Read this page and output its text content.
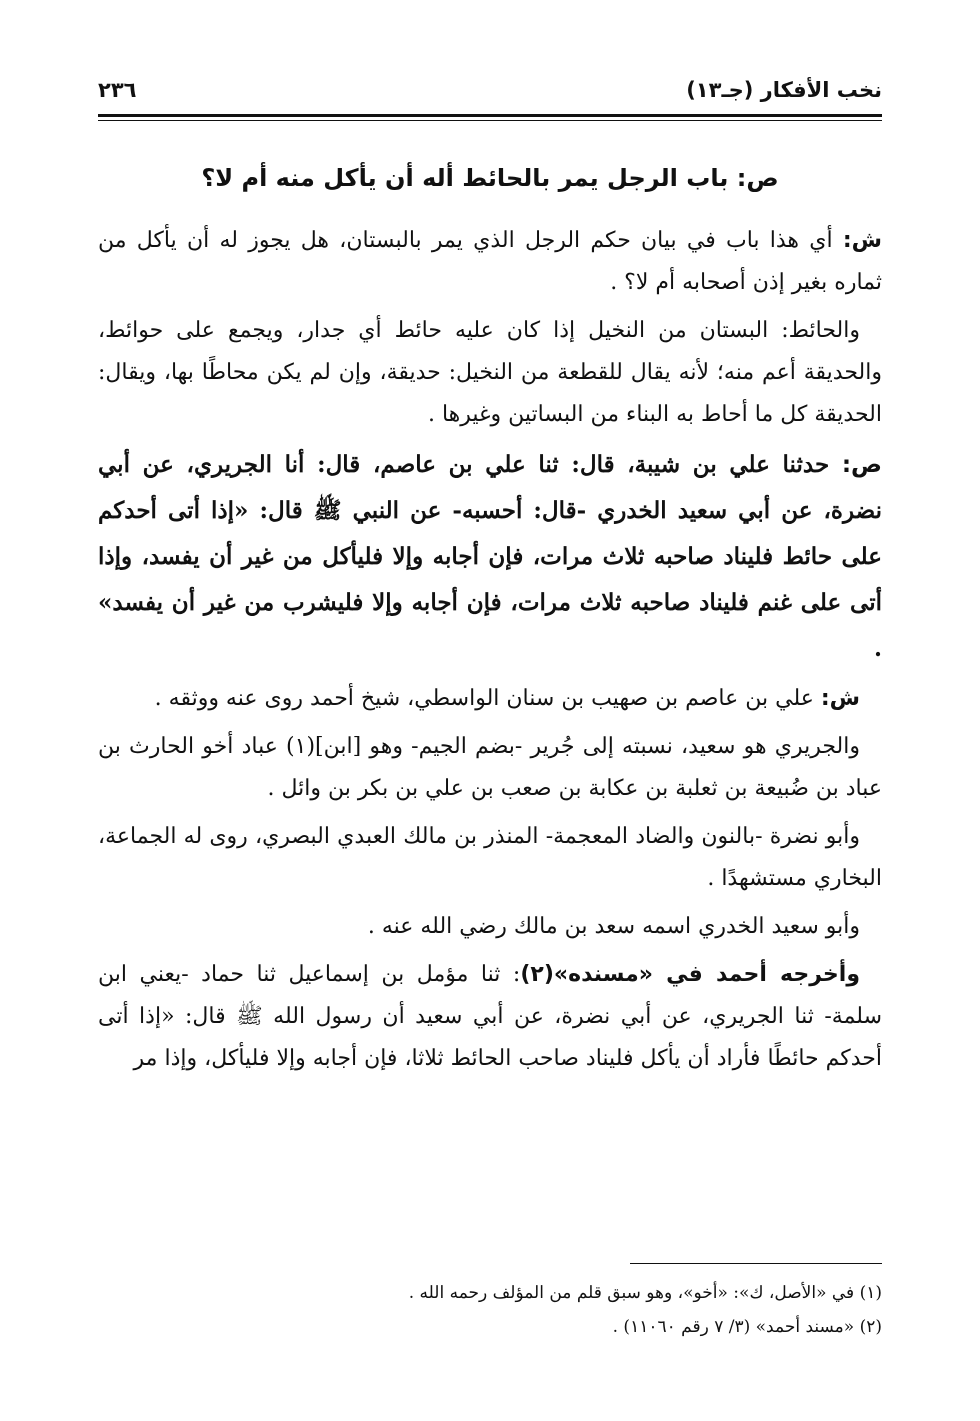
٢٣٦	نخب الأفكار (جـ١٣)
ص: باب الرجل يمر بالحائط أله أن يأكل منه أم لا؟

ش: أي هذا باب في بيان حكم الرجل الذي يمر بالبستان، هل يجوز له أن يأكل من ثماره بغير إذن أصحابه أم لا؟ .

والحائط: البستان من النخيل إذا كان عليه حائط أي جدار، ويجمع على حوائط، والحديقة أعم منه؛ لأنه يقال للقطعة من النخيل: حديقة، وإن لم يكن محاطًا بها، ويقال: الحديقة كل ما أحاط به البناء من البساتين وغيرها .

ص: حدثنا علي بن شيبة، قال: ثنا علي بن عاصم، قال: أنا الجريري، عن أبي نضرة، عن أبي سعيد الخدري -قال: أحسبه- عن النبي ﷺ قال: «إذا أتى أحدكم على حائط فليناد صاحبه ثلاث مرات، فإن أجابه وإلا فليأكل من غير أن يفسد، وإذا أتى على غنم فليناد صاحبه ثلاث مرات، فإن أجابه وإلا فليشرب من غير أن يفسد» .

ش: علي بن عاصم بن صهيب بن سنان الواسطي، شيخ أحمد روى عنه ووثقه .

والجريري هو سعيد، نسبته إلى جُرير -بضم الجيم- وهو [ابن](١) عباد أخو الحارث بن عباد بن ضُبيعة بن ثعلبة بن عكابة بن صعب بن علي بن بكر بن وائل .

وأبو نضرة -بالنون والضاد المعجمة- المنذر بن مالك العبدي البصري، روى له الجماعة، البخاري مستشهدًا .

وأبو سعيد الخدري اسمه سعد بن مالك رضي الله عنه .

وأخرجه أحمد في «مسنده»(٢): ثنا مؤمل بن إسماعيل ثنا حماد -يعني ابن سلمة- ثنا الجريري، عن أبي نضرة، عن أبي سعيد أن رسول الله ﷺ قال: «إذا أتى أحدكم حائطًا فأراد أن يأكل فليناد صاحب الحائط ثلاثا، فإن أجابه وإلا فليأكل، وإذا مر

(١) في «الأصل، ك»: «أخو»، وهو سبق قلم من المؤلف رحمه الله .

(٢) «مسند أحمد» (٣/ ٧ رقم ١١٠٦٠) .
